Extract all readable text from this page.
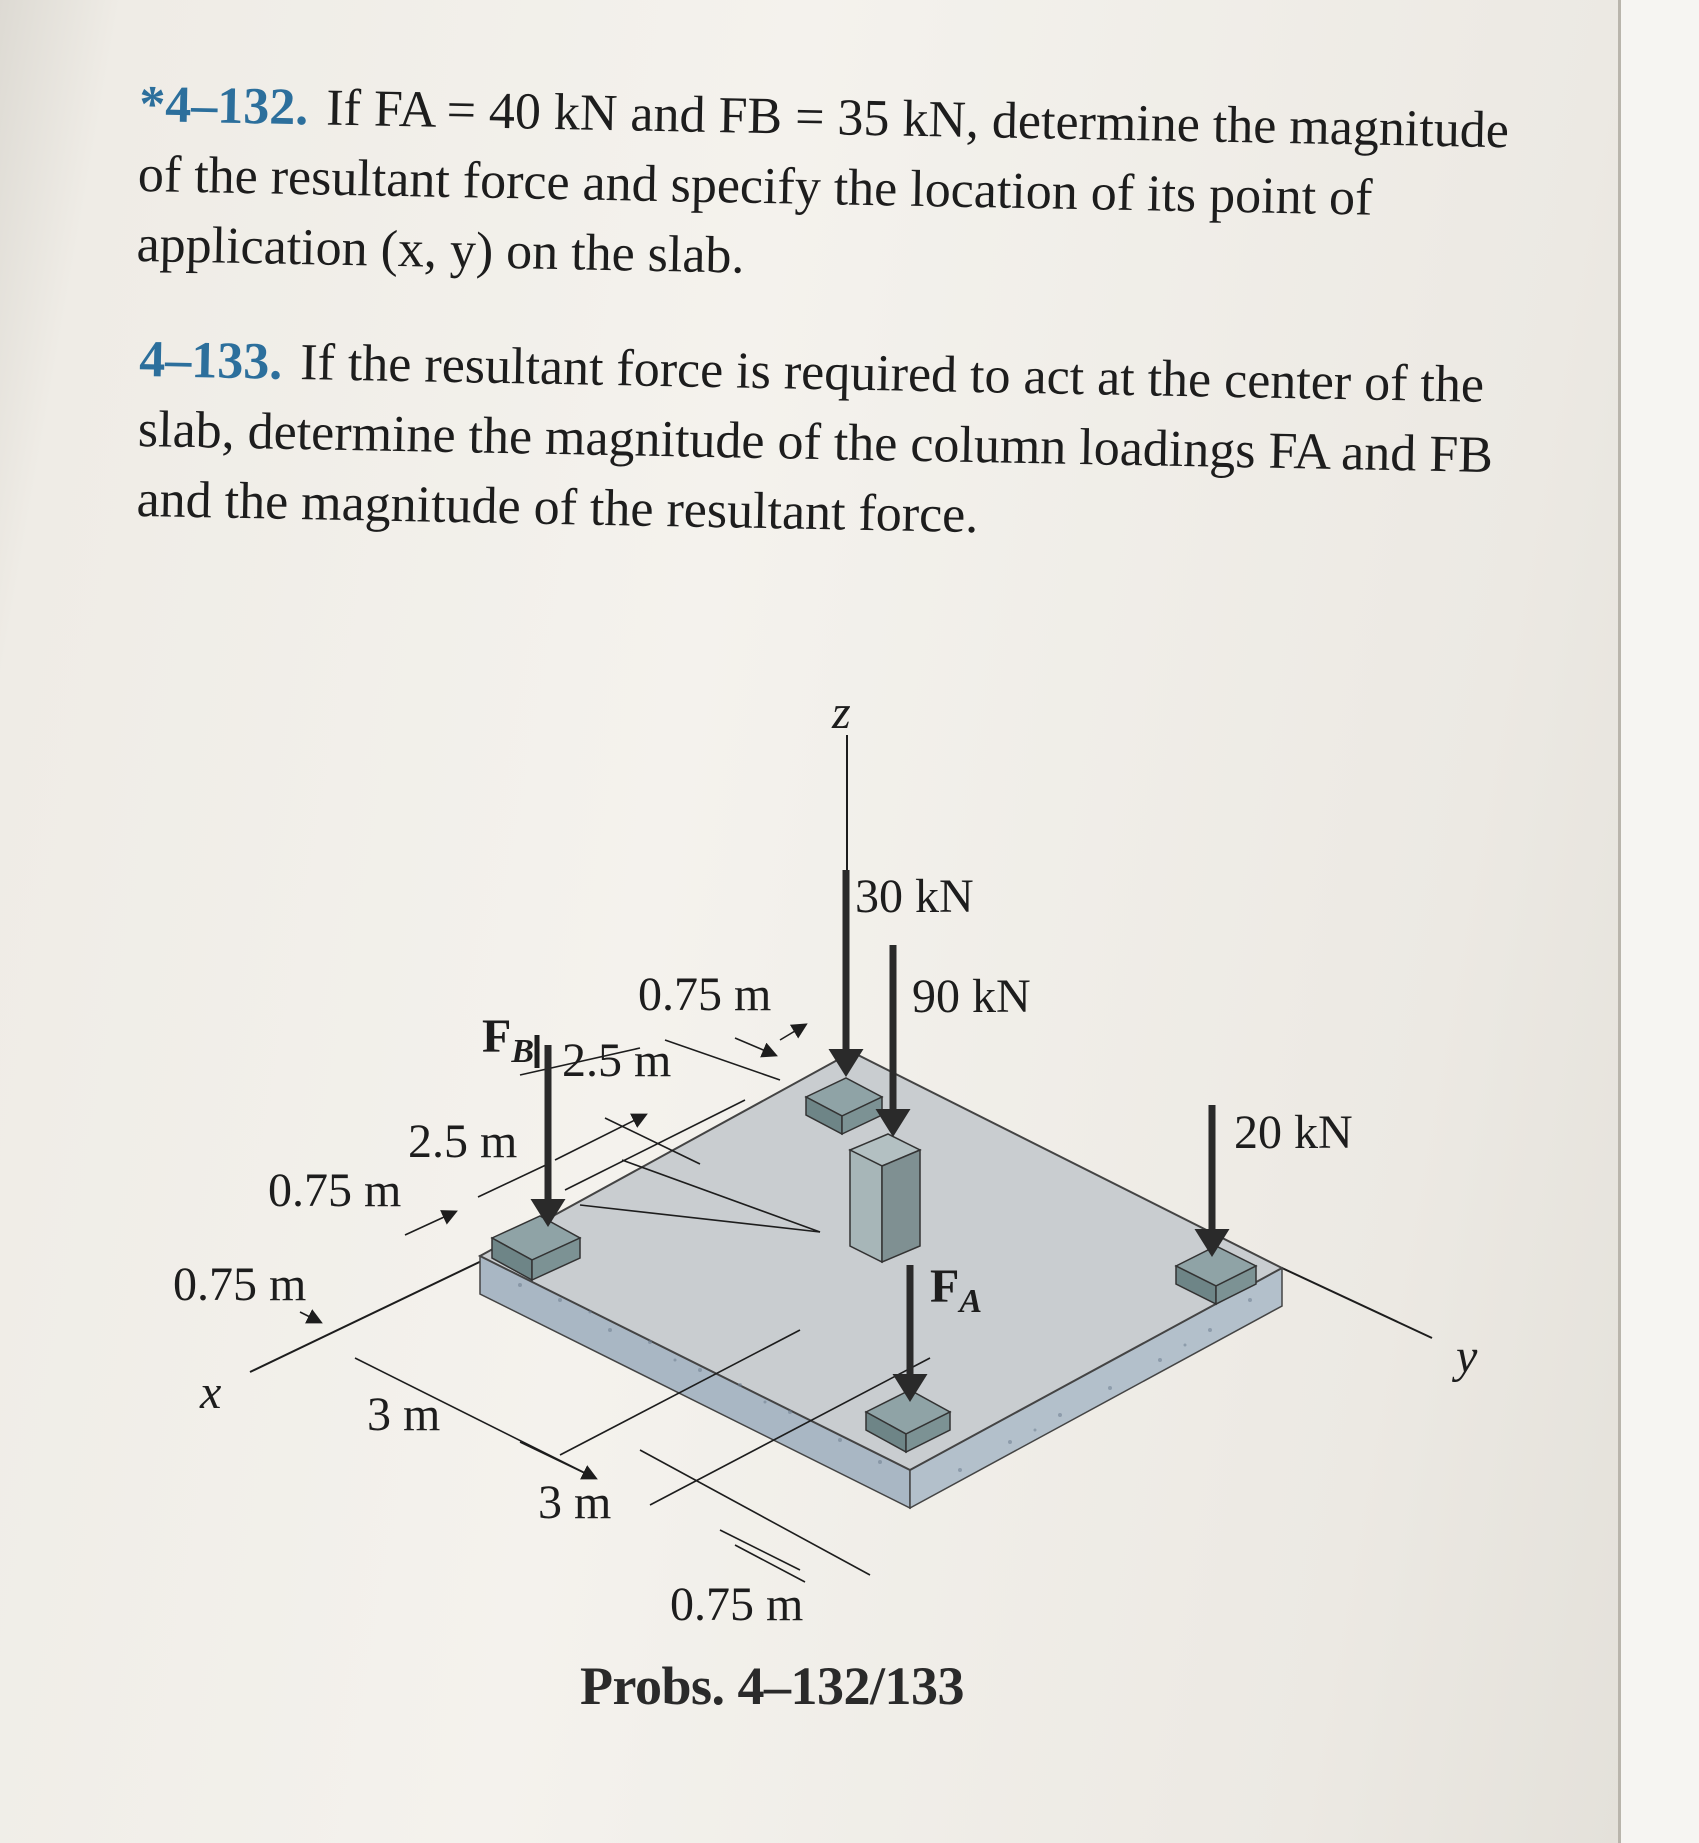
*4–132. If FA = 40 kN and FB = 35 kN, determine the magnitude of the resultant force and specify the location of its point of application (x, y) on the slab.
4–133. If the resultant force is required to act at the center of the slab, determine the magnitude of the column loadings FA and FB and the magnitude of the resultant force.
z
x
y
30 kN
90 kN
20 kN
$F_B$
$F_A$
0.75 m
2.5 m
2.5 m
0.75 m
0.75 m
3 m
3 m
0.75 m
Probs. 4–132/133
